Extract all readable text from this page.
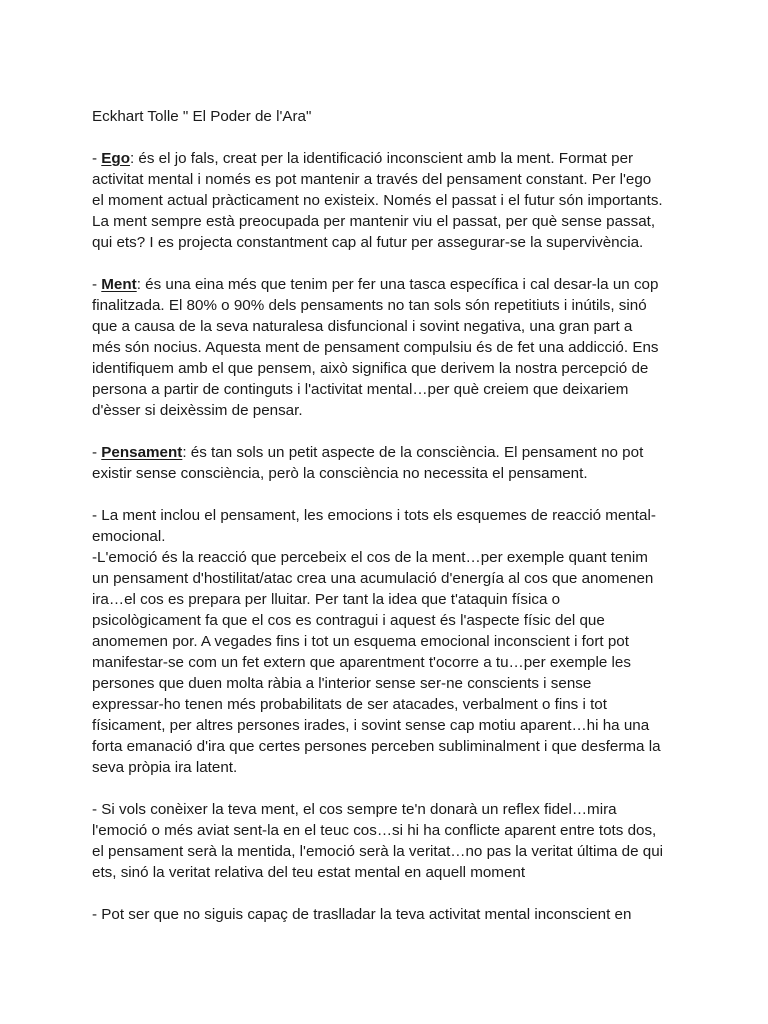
Eckhart Tolle " El Poder de l'Ara"
- Ego: és el jo fals, creat per la identificació inconscient amb la ment. Format per
activitat mental i només es pot mantenir a través del pensament constant. Per l'ego
el moment actual pràcticament no existeix. Només el passat i el futur són importants.
La ment sempre està preocupada per mantenir viu el passat, per què sense passat,
qui ets? I es projecta constantment cap al futur per assegurar-se la supervivència.
- Ment: és una eina més que tenim per fer una tasca específica i cal desar-la un cop
finalitzada. El 80% o 90% dels pensaments no tan sols són repetitiuts i inútils, sinó
que a causa de la seva naturalesa disfuncional i sovint negativa, una gran part a
més són nocius. Aquesta ment de pensament compulsiu és de fet una addicció. Ens
identifiquem amb el que pensem, això significa que derivem la nostra percepció de
persona a partir de continguts i l'activitat mental…per què creiem que deixariem
d'èsser si deixèssim de pensar.
- Pensament: és tan sols un petit aspecte de la consciència. El pensament no pot
existir sense consciència, però la consciència no necessita el pensament.
- La ment inclou el pensament, les emocions i tots els esquemes de reacció mental-
emocional.
-L'emoció és la reacció que percebeix el cos de la ment…per exemple quant tenim
un pensament d'hostilitat/atac crea una acumulació d'energía al cos que anomenen
ira…el cos es prepara per lluitar. Per tant la idea que t'ataquin física o
psicològicament fa que el cos es contragui i aquest és l'aspecte físic del que
anomemen por. A vegades fins i tot un esquema emocional inconscient i fort pot
manifestar-se com un fet extern que aparentment t'ocorre a tu…per exemple les
persones que duen molta ràbia a l'interior sense ser-ne conscients i sense
expressar-ho tenen més probabilitats de ser atacades, verbalment o fins i tot
físicament, per altres persones irades, i sovint sense cap motiu aparent…hi ha una
forta emanació d'ira que certes persones perceben subliminalment i que desferma la
seva pròpia ira latent.
- Si vols conèixer la teva ment, el cos sempre te'n donarà un reflex fidel…mira
l'emoció o més aviat sent-la en el teuc cos…si hi ha conflicte aparent entre tots dos,
el pensament serà la mentida, l'emoció serà la veritat…no pas la veritat última de qui
ets, sinó la veritat relativa del teu estat mental en aquell moment
- Pot ser que no siguis capaç de traslladar la teva activitat mental inconscient en
